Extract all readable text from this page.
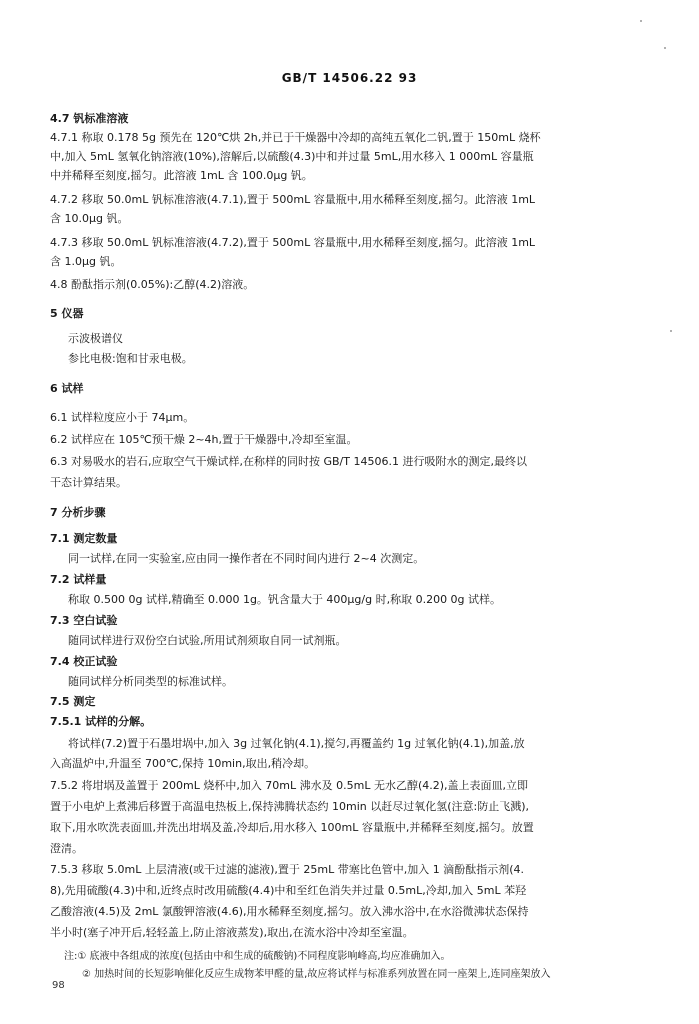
GB/T 14506.22 93
4.7 钒标准溶液
4.7.1 称取 0.178 5g 预先在 120℃烘 2h,并已于干燥器中冷却的高纯五氧化二钒,置于 150mL 烧杯
中,加入 5mL 氢氧化钠溶液(10%),溶解后,以硫酸(4.3)中和并过量 5mL,用水移入 1 000mL 容量瓶
中并稀释至刻度,摇匀。此溶液 1mL 含 100.0μg 钒。
4.7.2 移取 50.0mL 钒标准溶液(4.7.1),置于 500mL 容量瓶中,用水稀释至刻度,摇匀。此溶液 1mL
含 10.0μg 钒。
4.7.3 移取 50.0mL 钒标准溶液(4.7.2),置于 500mL 容量瓶中,用水稀释至刻度,摇匀。此溶液 1mL
含 1.0μg 钒。
4.8 酚酞指示剂(0.05%):乙醇(4.2)溶液。
5 仪器
示波极谱仪
参比电极:饱和甘汞电极。
6 试样
6.1 试样粒度应小于 74μm。
6.2 试样应在 105℃预干燥 2~4h,置于干燥器中,冷却至室温。
6.3 对易吸水的岩石,应取空气干燥试样,在称样的同时按 GB/T 14506.1 进行吸附水的测定,最终以
干态计算结果。
7 分析步骤
7.1 测定数量
同一试样,在同一实验室,应由同一操作者在不同时间内进行 2~4 次测定。
7.2 试样量
称取 0.500 0g 试样,精确至 0.000 1g。钒含量大于 400μg/g 时,称取 0.200 0g 试样。
7.3 空白试验
随同试样进行双份空白试验,所用试剂须取自同一试剂瓶。
7.4 校正试验
随同试样分析同类型的标准试样。
7.5 测定
7.5.1 试样的分解。
将试样(7.2)置于石墨坩埚中,加入 3g 过氧化钠(4.1),搅匀,再覆盖约 1g 过氧化钠(4.1),加盖,放
入高温炉中,升温至 700℃,保持 10min,取出,稍冷却。
7.5.2 将坩埚及盖置于 200mL 烧杯中,加入 70mL 沸水及 0.5mL 无水乙醇(4.2),盖上表面皿,立即
置于小电炉上煮沸后移置于高温电热板上,保持沸腾状态约 10min 以赶尽过氧化氢(注意:防止飞溅),
取下,用水吹洗表面皿,并洗出坩埚及盖,冷却后,用水移入 100mL 容量瓶中,并稀释至刻度,摇匀。放置
澄清。
7.5.3 移取 5.0mL 上层清液(或干过滤的滤液),置于 25mL 带塞比色管中,加入 1 滴酚酞指示剂(4.
8),先用硫酸(4.3)中和,近终点时改用硫酸(4.4)中和至红色消失并过量 0.5mL,冷却,加入 5mL 苯羟
乙酸溶液(4.5)及 2mL 氯酸钾溶液(4.6),用水稀释至刻度,摇匀。放入沸水浴中,在水浴微沸状态保持
半小时(塞子冲开后,轻轻盖上,防止溶液蒸发),取出,在流水浴中冷却至室温。
注:① 底液中各组成的浓度(包括由中和生成的硫酸钠)不同程度影响峰高,均应准确加入。
② 加热时间的长短影响催化反应生成物苯甲醛的量,故应将试样与标准系列放置在同一座架上,连同座架放入
98
